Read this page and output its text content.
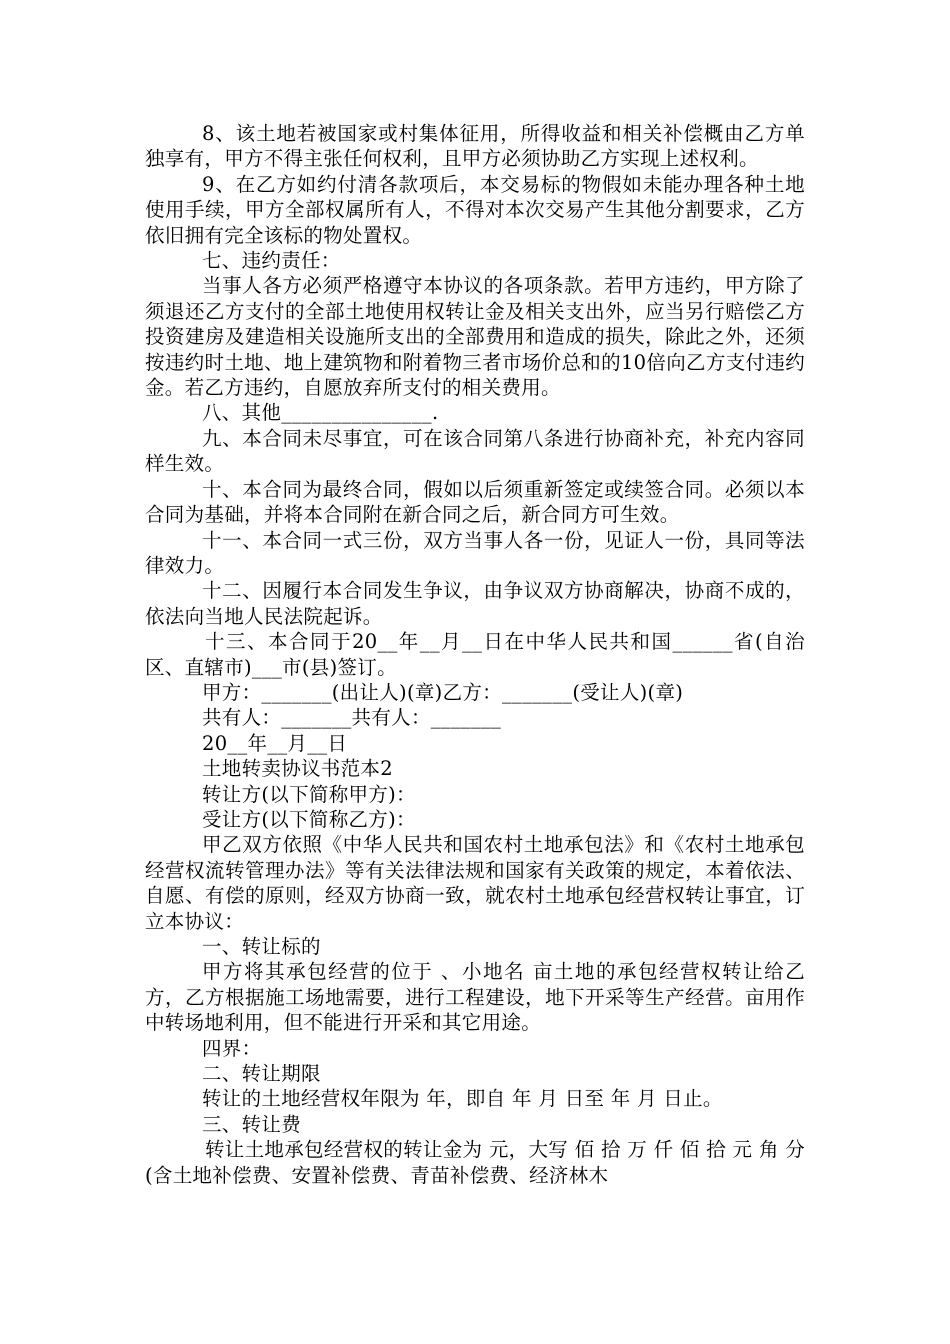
8、该土地若被国家或村集体征用，所得收益和相关补偿概由乙方单独享有，甲方不得主张任何权利，且甲方必须协助乙方实现上述权利。

9、在乙方如约付清各款项后，本交易标的物假如未能办理各种土地使用手续，甲方全部权属所有人，不得对本次交易产生其他分割要求，乙方依旧拥有完全该标的物处置权。

七、违约责任：

当事人各方必须严格遵守本协议的各项条款。若甲方违约，甲方除了须退还乙方支付的全部土地使用权转让金及相关支出外，应当另行赔偿乙方投资建房及建造相关设施所支出的全部费用和造成的损失，除此之外，还须按违约时土地、地上建筑物和附着物三者市场价总和的10倍向乙方支付违约金。若乙方违约，自愿放弃所支付的相关费用。

八、其他_______________.

九、本合同未尽事宜，可在该合同第八条进行协商补充，补充内容同样生效。

十、本合同为最终合同，假如以后须重新签定或续签合同。必须以本合同为基础，并将本合同附在新合同之后，新合同方可生效。

十一、本合同一式三份，双方当事人各一份，见证人一份，具同等法律效力。

十二、因履行本合同发生争议，由争议双方协商解决，协商不成的，依法向当地人民法院起诉。

十三、本合同于20__年__月__日在中华人民共和国______省(自治区、直辖市)___市(县)签订。

甲方：_______(出让人)(章)乙方：_______(受让人)(章)

共有人：_______共有人：_______

20__年__月__日

土地转卖协议书范本2

转让方(以下简称甲方)：

受让方(以下简称乙方)：

甲乙双方依照《中华人民共和国农村土地承包法》和《农村土地承包经营权流转管理办法》等有关法律法规和国家有关政策的规定，本着依法、自愿、有偿的原则，经双方协商一致，就农村土地承包经营权转让事宜，订立本协议：

一、转让标的

甲方将其承包经营的位于 、小地名 亩土地的承包经营权转让给乙方，乙方根据施工场地需要，进行工程建设，地下开采等生产经营。亩用作中转场地利用，但不能进行开采和其它用途。

四界：

二、转让期限

转让的土地经营权年限为 年，即自 年 月 日至 年 月 日止。

三、转让费

转让土地承包经营权的转让金为 元，大写 佰 拾 万 仟 佰 拾 元 角 分(含土地补偿费、安置补偿费、青苗补偿费、经济林木
